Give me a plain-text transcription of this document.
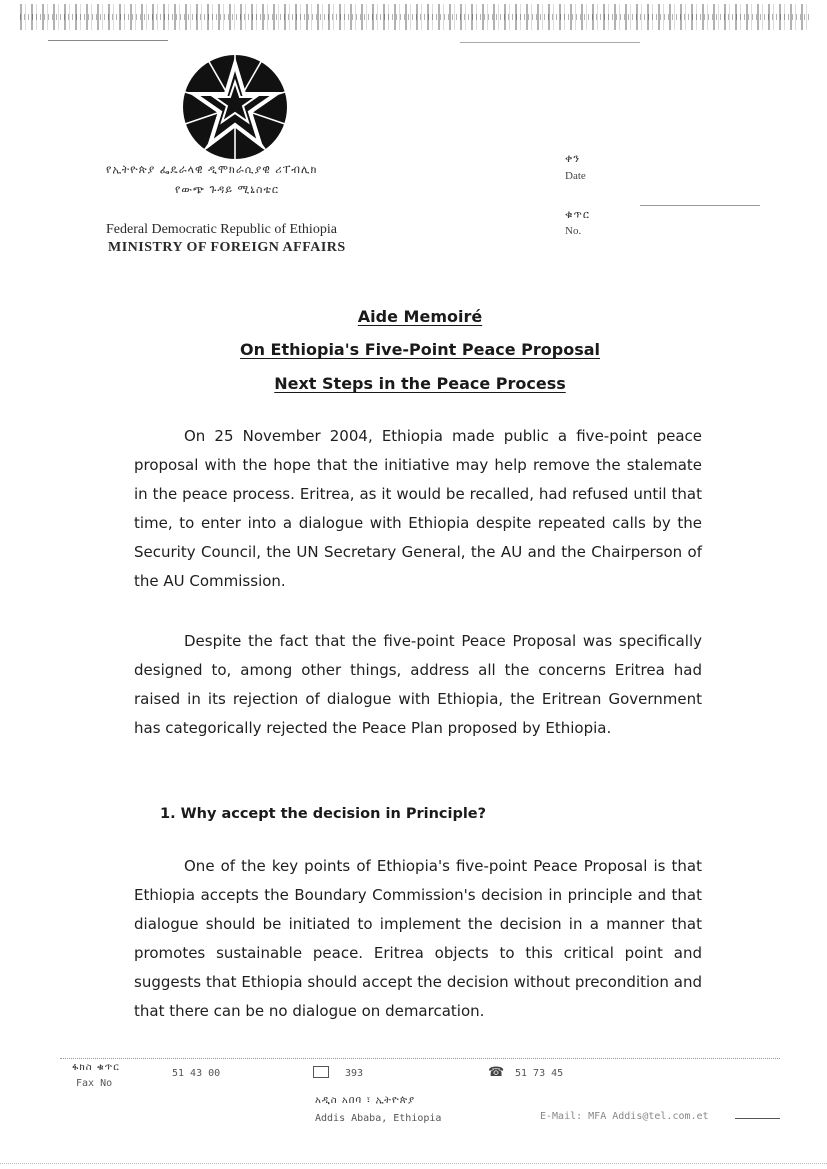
የኢትዮጵያ ፌዴራላዊ ዲሞክራሲያዊ ሪፐብሊክ
የውጭ ጉዳይ ሚኒስቴር
Federal Democratic Republic of Ethiopia
MINISTRY OF FOREIGN AFFAIRS
ቀን
Date
ቁጥር
No.
Aide Memoiré
On Ethiopia's Five-Point Peace Proposal
Next Steps in the Peace Process
On 25 November 2004, Ethiopia made public a five-point peace proposal with the hope that the initiative may help remove the stalemate in the peace process. Eritrea, as it would be recalled, had refused until that time, to enter into a dialogue with Ethiopia despite repeated calls by the Security Council, the UN Secretary General, the AU and the Chairperson of the AU Commission.
Despite the fact that the five-point Peace Proposal was specifically designed to, among other things, address all the concerns Eritrea had raised in its rejection of dialogue with Ethiopia, the Eritrean Government has categorically rejected the Peace Plan proposed by Ethiopia.
1. Why accept the decision in Principle?
One of the key points of Ethiopia's five-point Peace Proposal is that Ethiopia accepts the Boundary Commission's decision in principle and that dialogue should be initiated to implement the decision in a manner that promotes sustainable peace. Eritrea objects to this critical point and suggests that Ethiopia should accept the decision without precondition and that there can be no dialogue on demarcation.
ፋክስ ቁጥር
Fax No
51 43 00	393	☎ 51 73 45
አዲስ አበባ ፣ ኢትዮጵያ
Addis Ababa, Ethiopia	E-Mail: MFA Addis@tel.com.et
